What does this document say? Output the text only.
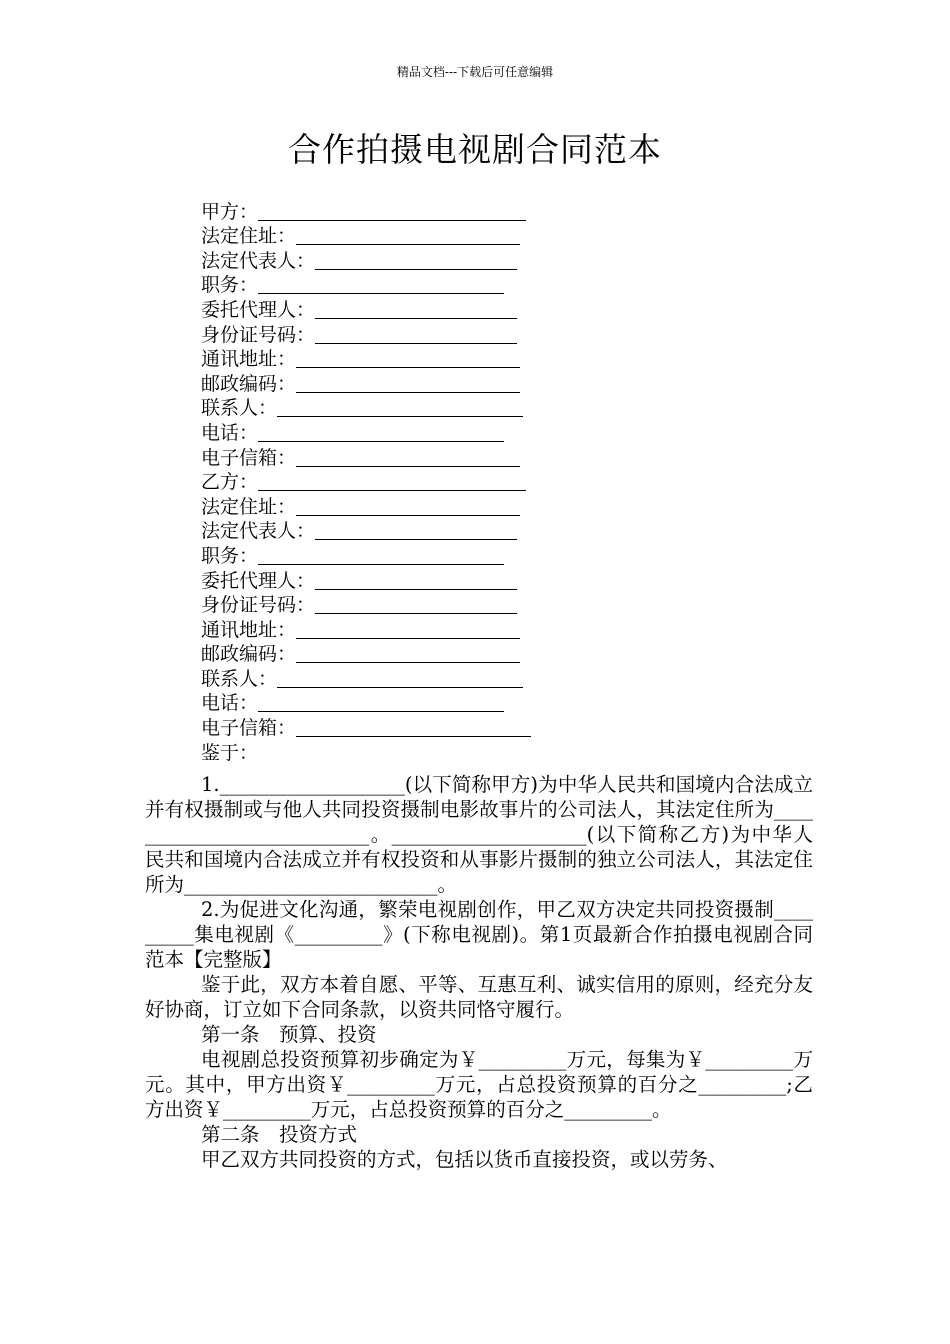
精品文档---下载后可任意编辑
合作拍摄电视剧合同范本
甲方：
法定住址：
法定代表人：
职务：
委托代理人：
身份证号码：
通讯地址：
邮政编码：
联系人：
电话：
电子信箱：
乙方：
法定住址：
法定代表人：
职务：
委托代理人：
身份证号码：
通讯地址：
邮政编码：
联系人：
电话：
电子信箱：
鉴于：

1.___________________(以下简称甲方)为中华人民共和国境内合法成立并有权摄制或与他人共同投资摄制电影故事片的公司法人，其法定住所为___________________________。____________________(以下简称乙方)为中华人民共和国境内合法成立并有权投资和从事影片摄制的独立公司法人，其法定住所为__________________________。

2.为促进文化沟通，繁荣电视剧创作，甲乙双方决定共同投资摄制_________集电视剧《_________》(下称电视剧)。第1页最新合作拍摄电视剧合同范本【完整版】

鉴于此，双方本着自愿、平等、互惠互利、诚实信用的原则，经充分友好协商，订立如下合同条款，以资共同恪守履行。

第一条　预算、投资

电视剧总投资预算初步确定为￥_________万元，每集为￥_________万元。其中，甲方出资￥_________万元，占总投资预算的百分之_________;乙方出资￥_________万元，占总投资预算的百分之_________。

第二条　投资方式

甲乙双方共同投资的方式，包括以货币直接投资，或以劳务、
